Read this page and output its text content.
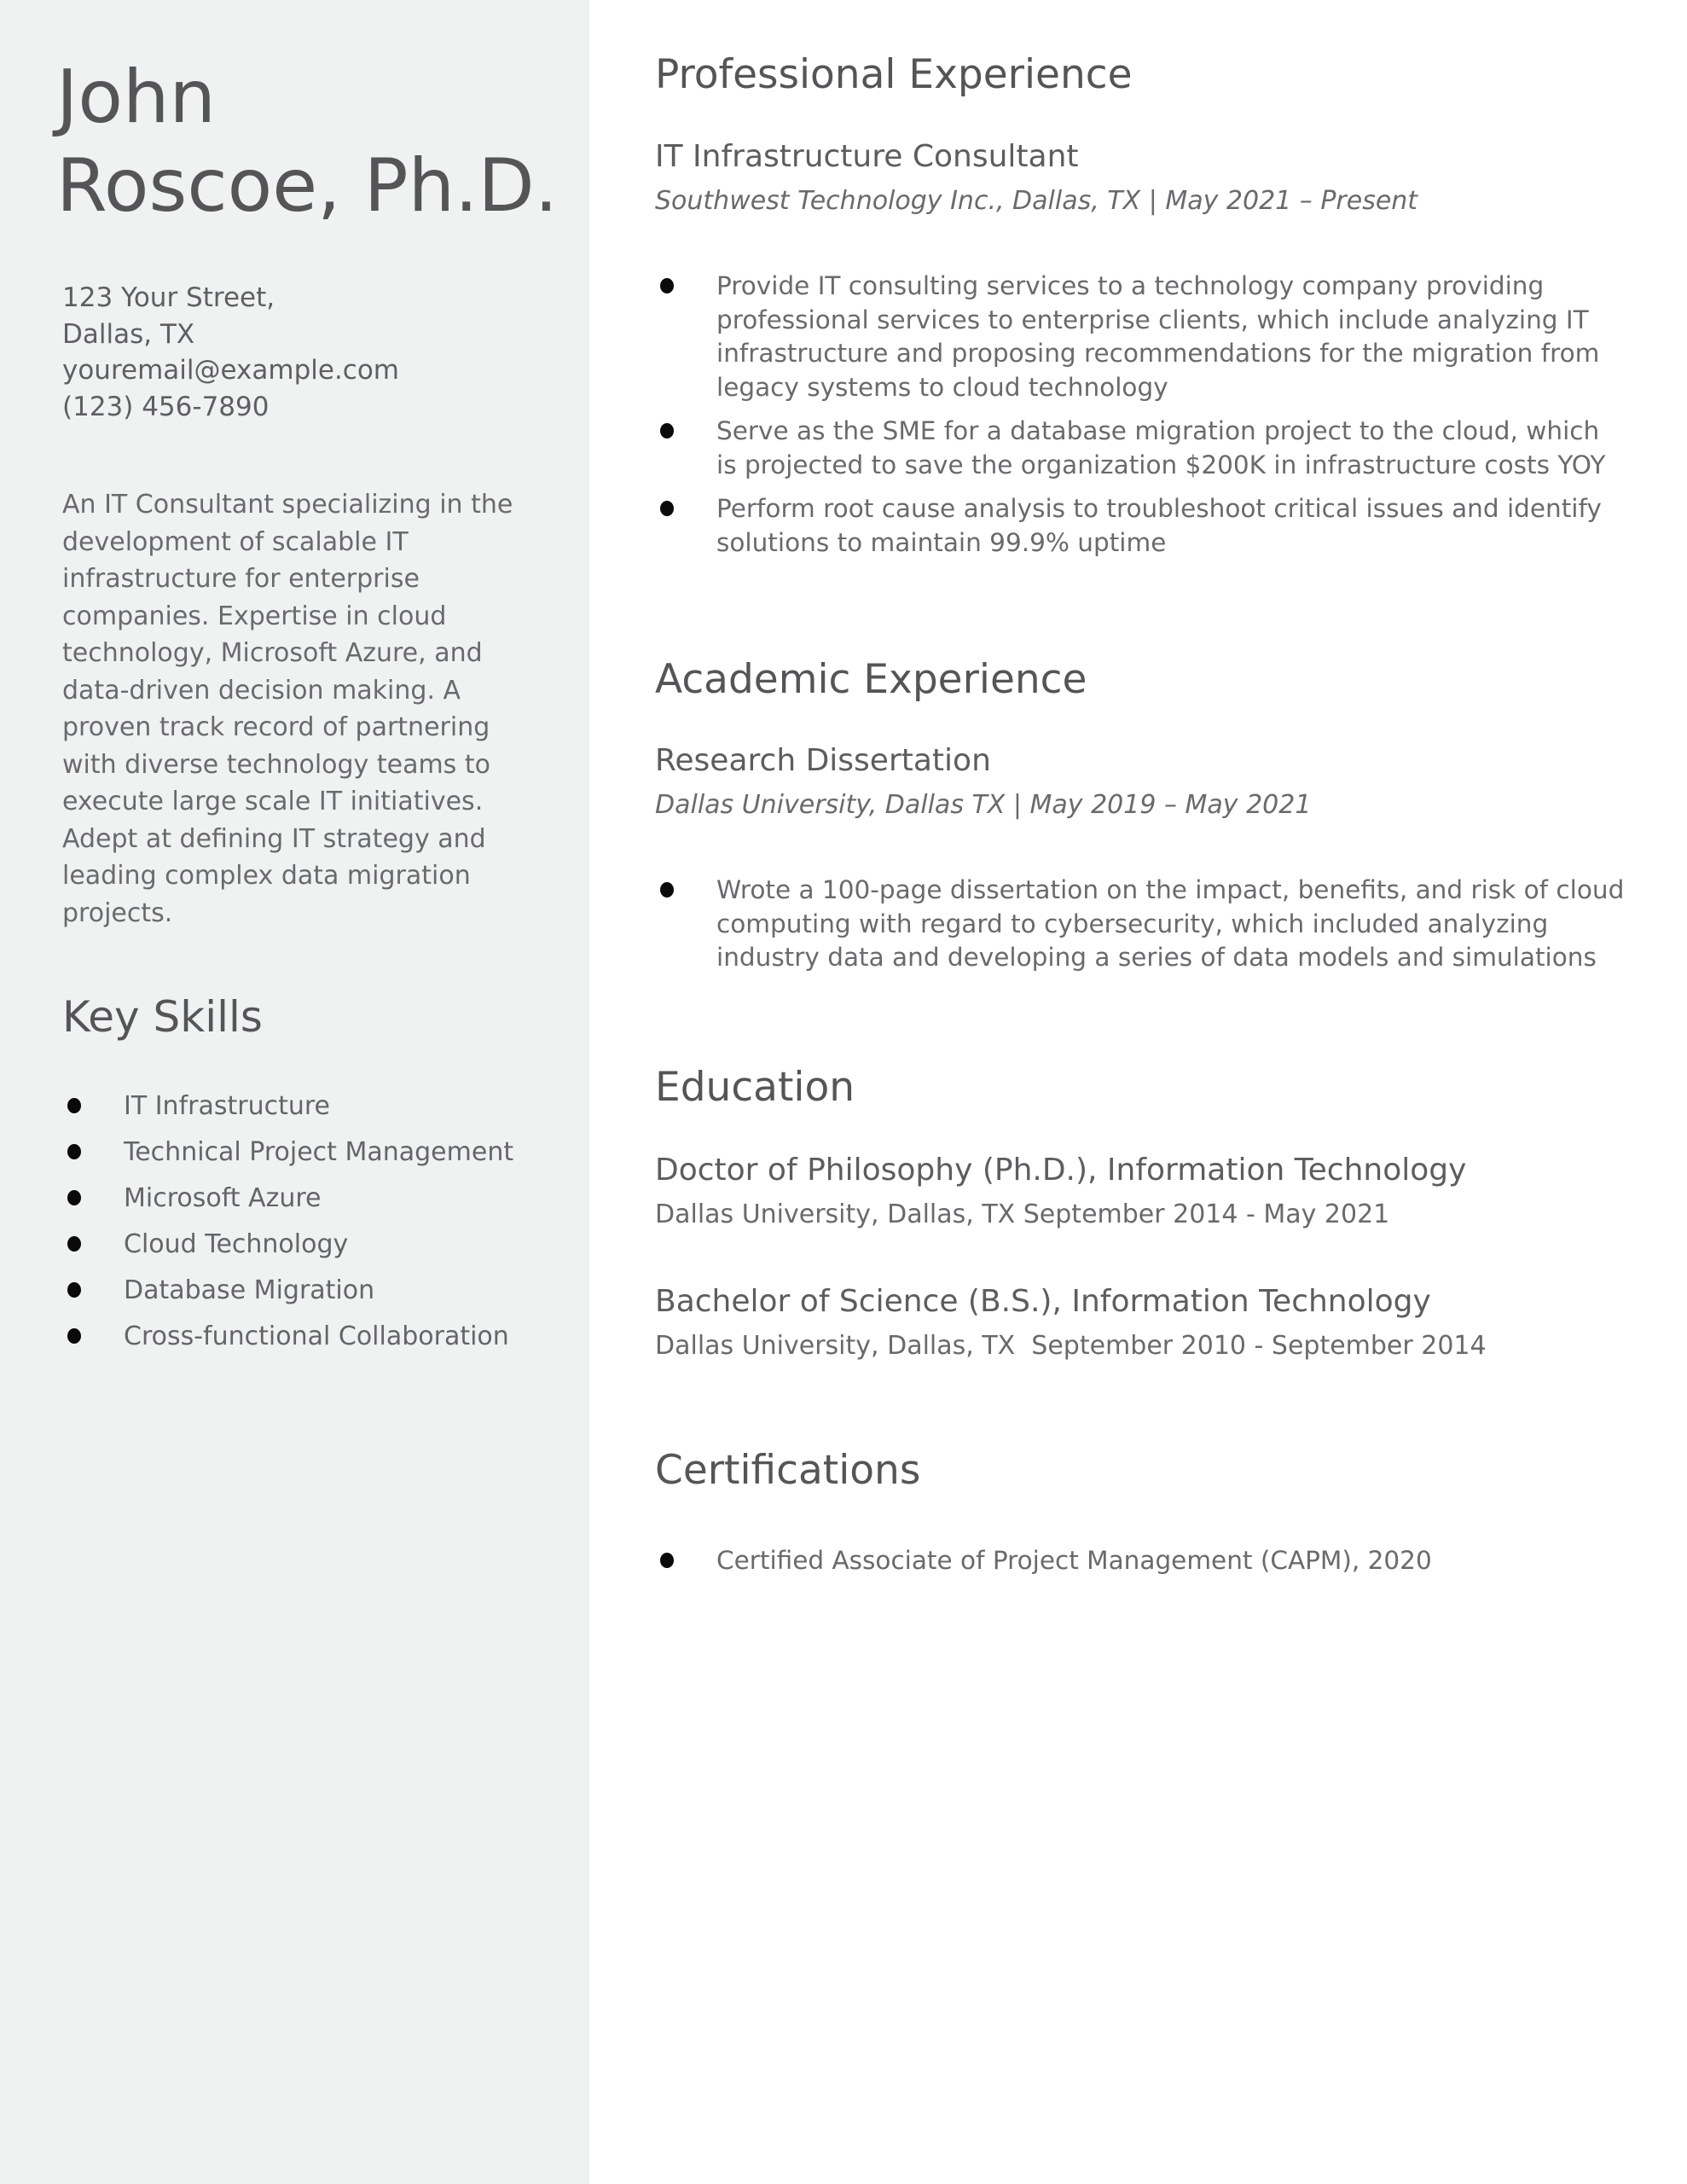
John
Roscoe, Ph.D.
123 Your Street,
Dallas, TX
youremail@example.com
(123) 456-7890

An IT Consultant specializing in the development of scalable IT infrastructure for enterprise companies. Expertise in cloud technology, Microsoft Azure, and data-driven decision making. A proven track record of partnering with diverse technology teams to execute large scale IT initiatives. Adept at defining IT strategy and leading complex data migration projects.

Key Skills
IT Infrastructure
Technical Project Management
Microsoft Azure
Cloud Technology
Database Migration
Cross-functional Collaboration
Professional Experience
IT Infrastructure Consultant
Southwest Technology Inc., Dallas, TX | May 2021 – Present
Provide IT consulting services to a technology company providing professional services to enterprise clients, which include analyzing IT infrastructure and proposing recommendations for the migration from legacy systems to cloud technology
Serve as the SME for a database migration project to the cloud, which is projected to save the organization $200K in infrastructure costs YOY
Perform root cause analysis to troubleshoot critical issues and identify solutions to maintain 99.9% uptime
Academic Experience
Research Dissertation
Dallas University, Dallas TX | May 2019 – May 2021
Wrote a 100-page dissertation on the impact, benefits, and risk of cloud computing with regard to cybersecurity, which included analyzing industry data and developing a series of data models and simulations
Education
Doctor of Philosophy (Ph.D.), Information Technology
Dallas University, Dallas, TX September 2014 - May 2021
Bachelor of Science (B.S.), Information Technology
Dallas University, Dallas, TX  September 2010 - September 2014
Certifications
Certified Associate of Project Management (CAPM), 2020
